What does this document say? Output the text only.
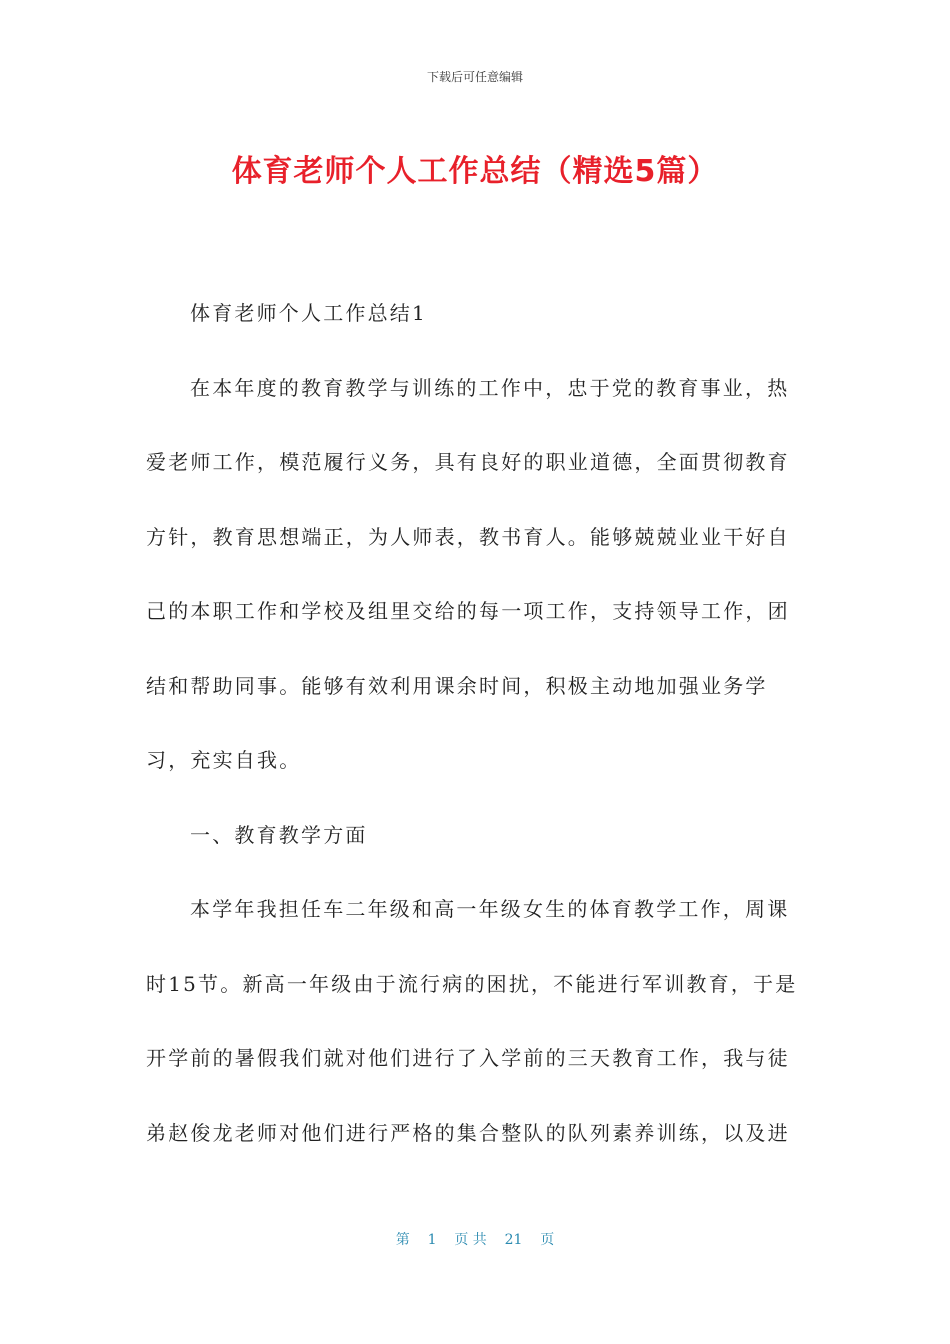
下载后可任意编辑
体育老师个人工作总结（精选5篇）

体育老师个人工作总结1

在本年度的教育教学与训练的工作中，忠于党的教育事业，热爱老师工作，模范履行义务，具有良好的职业道德，全面贯彻教育方针，教育思想端正，为人师表，教书育人。能够兢兢业业干好自己的本职工作和学校及组里交给的每一项工作，支持领导工作，团结和帮助同事。能够有效利用课余时间，积极主动地加强业务学习，充实自我。

一、教育教学方面

本学年我担任车二年级和高一年级女生的体育教学工作，周课时15节。新高一年级由于流行病的困扰，不能进行军训教育，于是开学前的暑假我们就对他们进行了入学前的三天教育工作，我与徒弟赵俊龙老师对他们进行严格的集合整队的队列素养训练，以及进

第 1 页 共 21 页
